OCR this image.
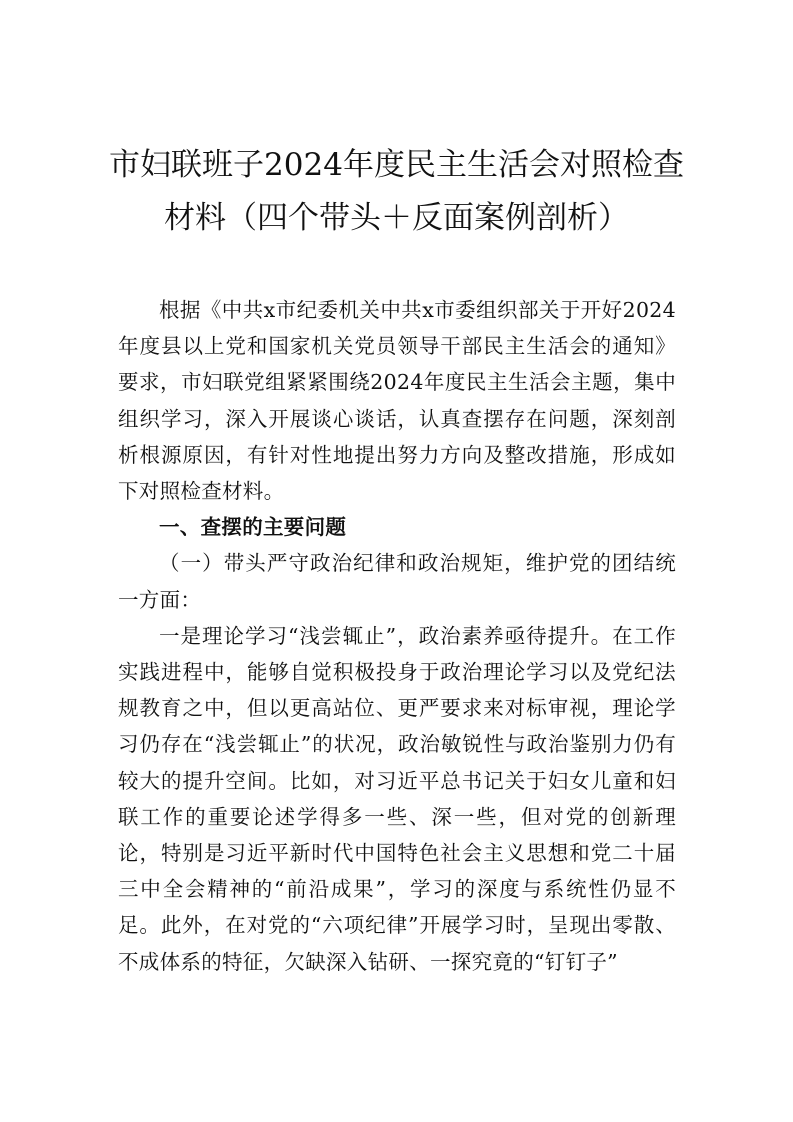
市妇联班子2024年度民主生活会对照检查
材料（四个带头＋反面案例剖析）

根据《中共x市纪委机关中共x市委组织部关于开好2024年度县以上党和国家机关党员领导干部民主生活会的通知》要求，市妇联党组紧紧围绕2024年度民主生活会主题，集中组织学习，深入开展谈心谈话，认真查摆存在问题，深刻剖析根源原因，有针对性地提出努力方向及整改措施，形成如下对照检查材料。

一、查摆的主要问题

（一）带头严守政治纪律和政治规矩，维护党的团结统一方面：

一是理论学习“浅尝辄止”，政治素养亟待提升。在工作实践进程中，能够自觉积极投身于政治理论学习以及党纪法规教育之中，但以更高站位、更严要求来对标审视，理论学习仍存在“浅尝辄止”的状况，政治敏锐性与政治鉴别力仍有较大的提升空间。比如，对习近平总书记关于妇女儿童和妇联工作的重要论述学得多一些、深一些，但对党的创新理论，特别是习近平新时代中国特色社会主义思想和党二十届三中全会精神的“前沿成果”，学习的深度与系统性仍显不足。此外，在对党的“六项纪律”开展学习时，呈现出零散、不成体系的特征，欠缺深入钻研、一探究竟的“钉钉子”
